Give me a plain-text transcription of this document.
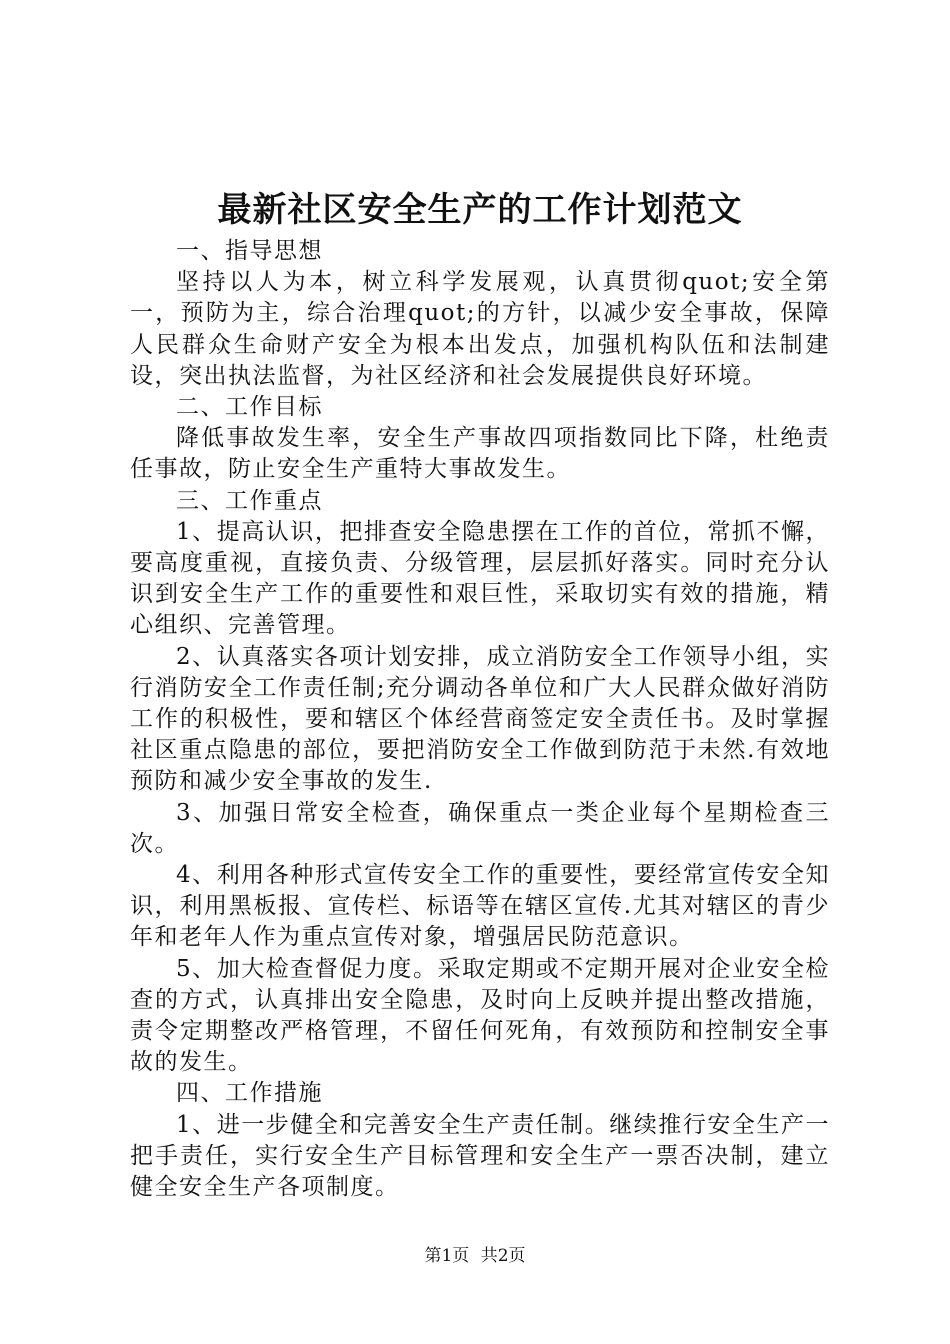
最新社区安全生产的工作计划范文

一、指导思想

坚持以人为本，树立科学发展观，认真贯彻quot;安全第一，预防为主，综合治理quot;的方针，以减少安全事故，保障人民群众生命财产安全为根本出发点，加强机构队伍和法制建设，突出执法监督，为社区经济和社会发展提供良好环境。

二、工作目标

降低事故发生率，安全生产事故四项指数同比下降，杜绝责任事故，防止安全生产重特大事故发生。

三、工作重点

1、提高认识，把排查安全隐患摆在工作的首位，常抓不懈，要高度重视，直接负责、分级管理，层层抓好落实。同时充分认识到安全生产工作的重要性和艰巨性，采取切实有效的措施，精心组织、完善管理。

2、认真落实各项计划安排，成立消防安全工作领导小组，实行消防安全工作责任制;充分调动各单位和广大人民群众做好消防工作的积极性，要和辖区个体经营商签定安全责任书。及时掌握社区重点隐患的部位，要把消防安全工作做到防范于未然.有效地预防和减少安全事故的发生.

3、加强日常安全检查，确保重点一类企业每个星期检查三次。

4、利用各种形式宣传安全工作的重要性，要经常宣传安全知识，利用黑板报、宣传栏、标语等在辖区宣传.尤其对辖区的青少年和老年人作为重点宣传对象，增强居民防范意识。

5、加大检查督促力度。采取定期或不定期开展对企业安全检查的方式，认真排出安全隐患，及时向上反映并提出整改措施，责令定期整改严格管理，不留任何死角，有效预防和控制安全事故的发生。

四、工作措施

1、进一步健全和完善安全生产责任制。继续推行安全生产一把手责任，实行安全生产目标管理和安全生产一票否决制，建立健全安全生产各项制度。

第1页 共2页
